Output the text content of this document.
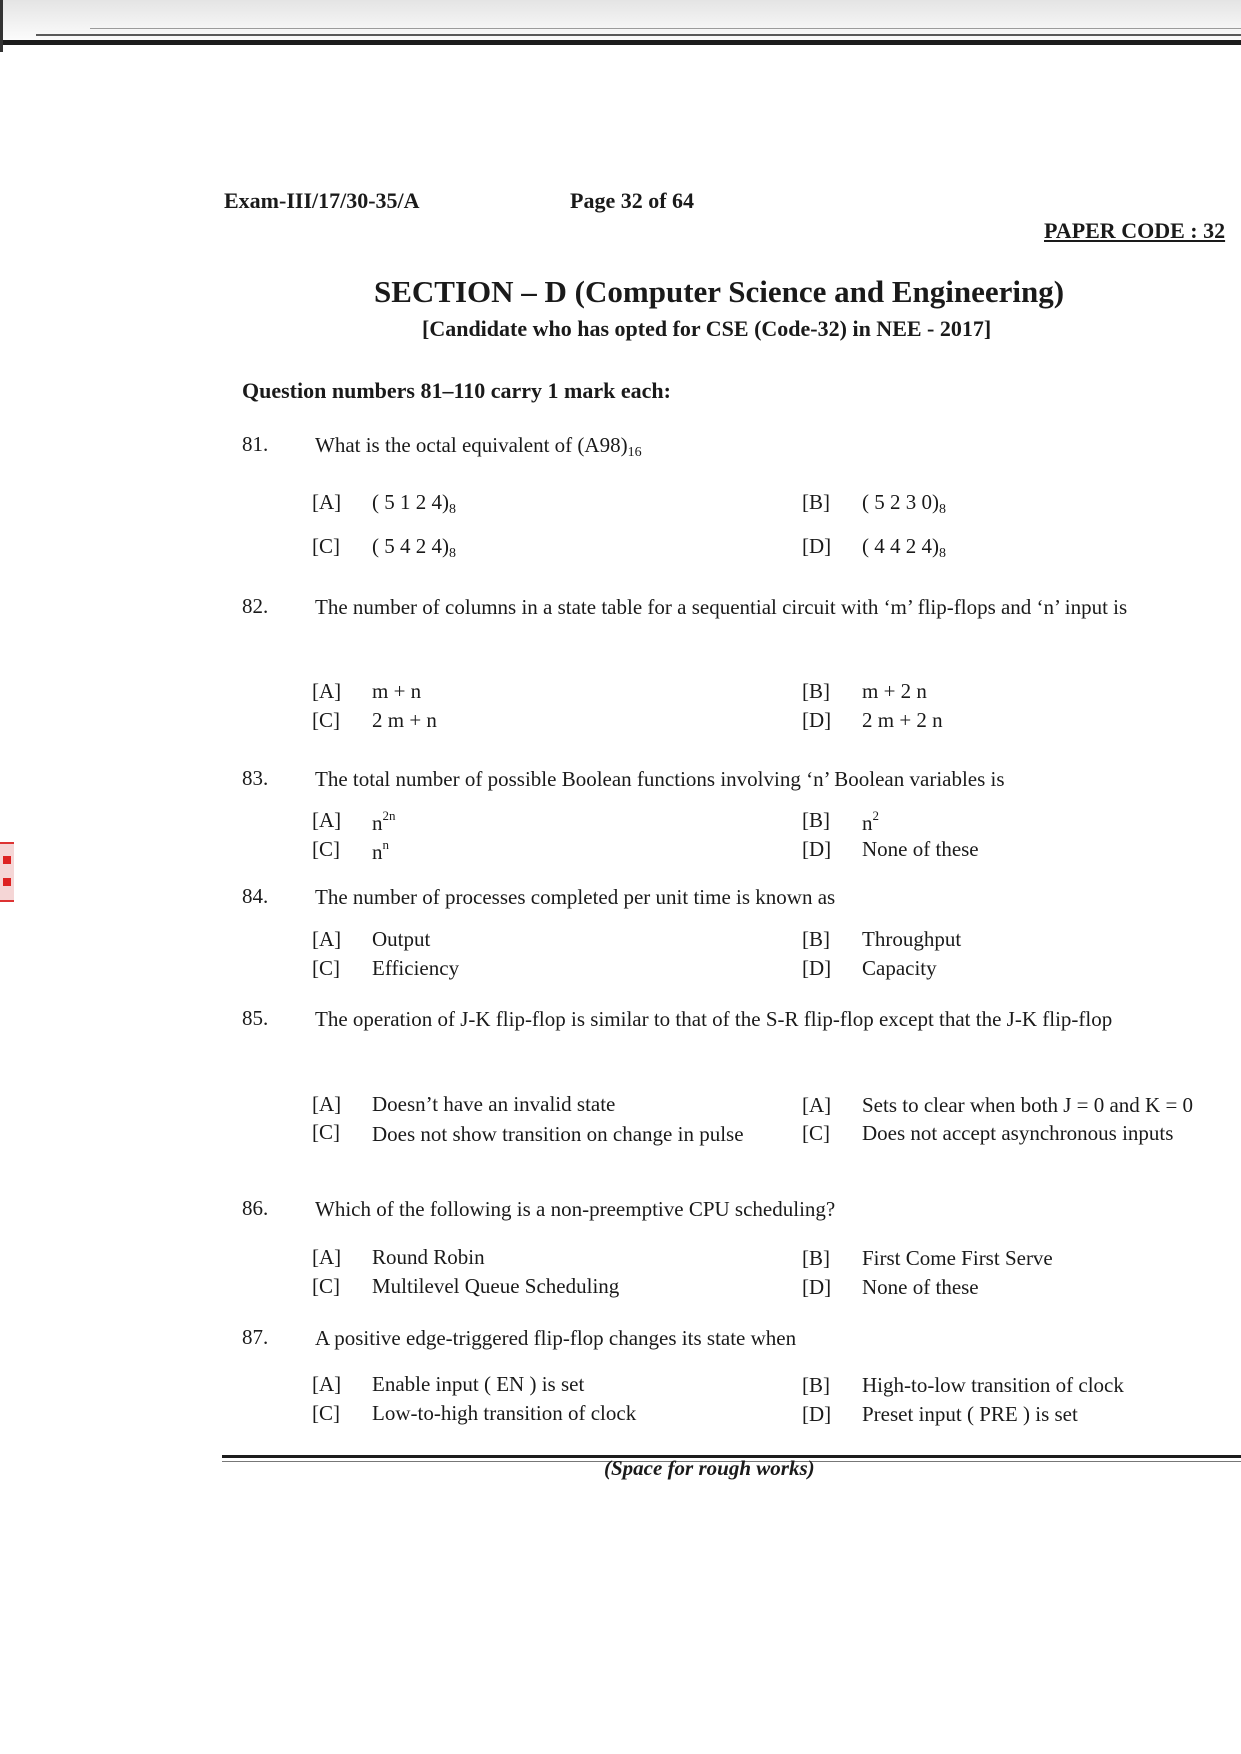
Exam-III/17/30-35/A	Page 32 of 64
PAPER CODE : 32
SECTION – D (Computer Science and Engineering)
[Candidate who has opted for CSE (Code-32) in NEE - 2017]
Question numbers 81–110 carry 1 mark each:
81. What is the octal equivalent of $(A98)_{16}$
[A] ( 5 1 2 $4)_8$	[B] ( 5 2 3 $0)_8$
[C] ( 5 4 2 $4)_8$	[D] ( 4 4 2 $4)_8$
82. The number of columns in a state table for a sequential circuit with ‘m’ flip-flops and ‘n’ input is
[A] m + n	[B] m + 2 n
[C] 2 m + n	[D] 2 m + 2 n
83. The total number of possible Boolean functions involving ‘n’ Boolean variables is
[A] $n^{2n}$	[B] $n^2$
[C] $n^n$	[D] None of these
84. The number of processes completed per unit time is known as
[A] Output	[B] Throughput
[C] Efficiency	[D] Capacity
85. The operation of J-K flip-flop is similar to that of the S-R flip-flop except that the J-K flip-flop
[A] Doesn’t have an invalid state	[A] Sets to clear when both J = 0 and K = 0
[C] Does not show transition on change in pulse	[C] Does not accept asynchronous inputs
86. Which of the following is a non-preemptive CPU scheduling?
[A] Round Robin	[B] First Come First Serve
[C] Multilevel Queue Scheduling	[D] None of these
87. A positive edge-triggered flip-flop changes its state when
[A] Enable input ( EN ) is set	[B] High-to-low transition of clock
[C] Low-to-high transition of clock	[D] Preset input ( PRE ) is set
(Space for rough works)
